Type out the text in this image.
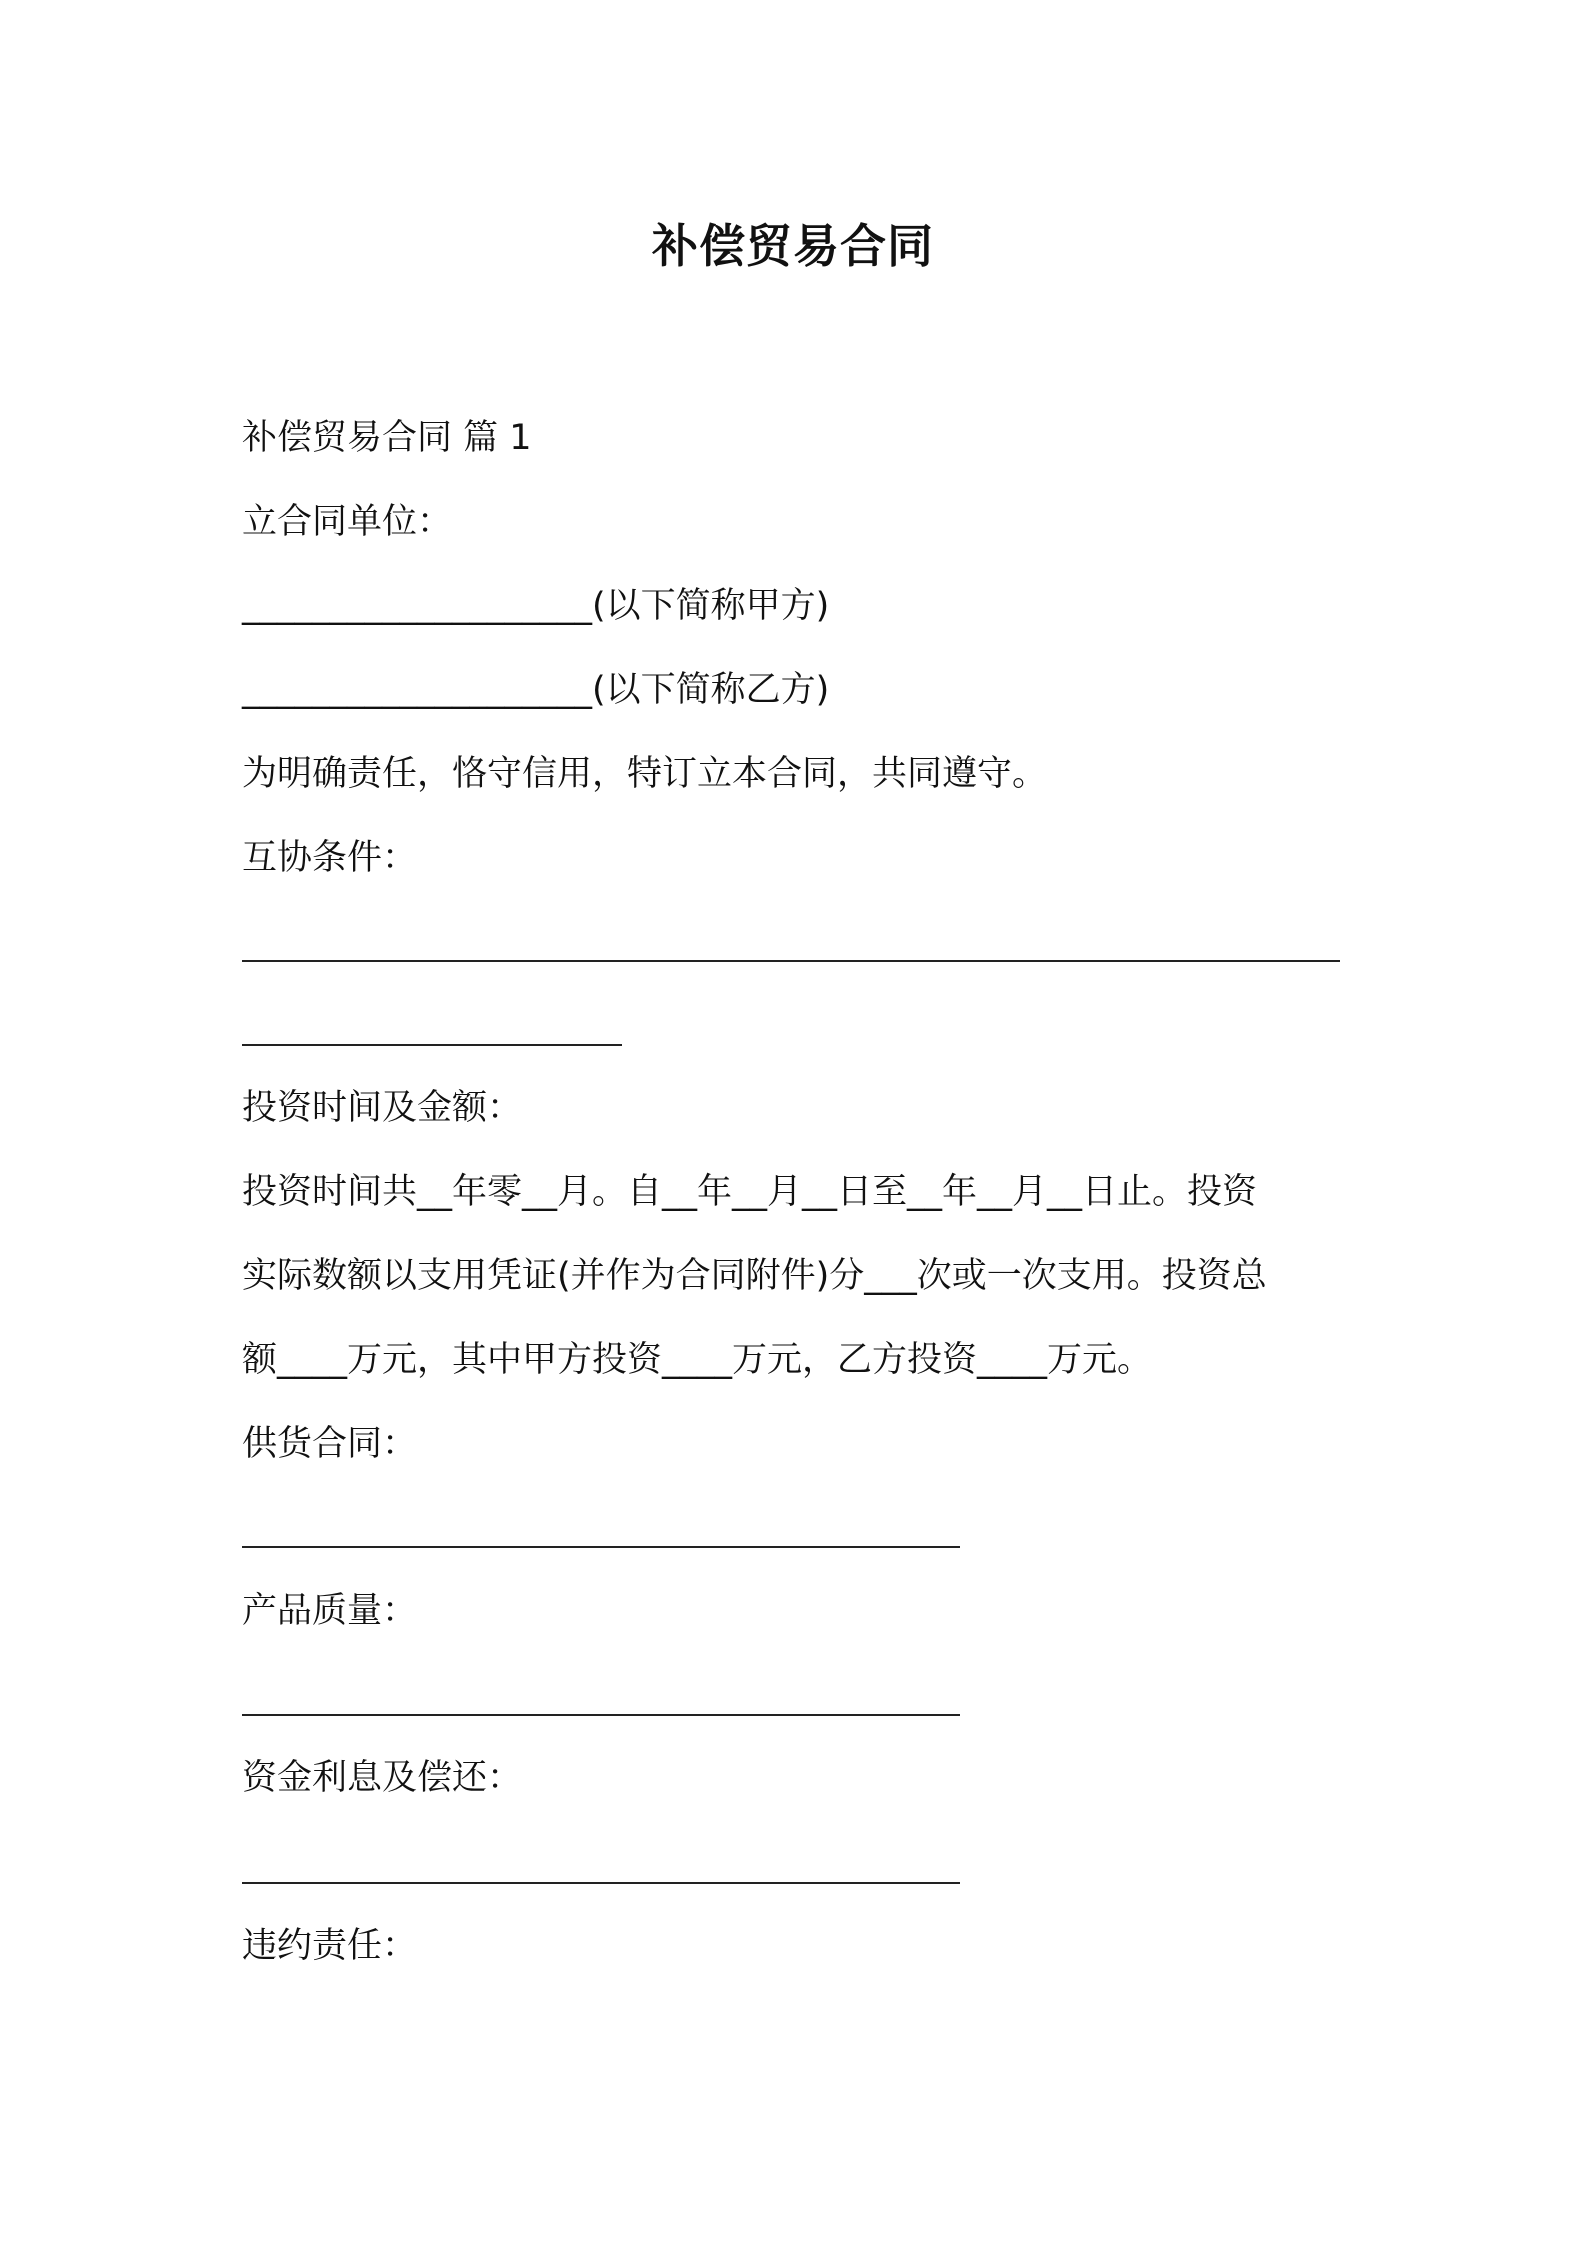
补偿贸易合同
补偿贸易合同 篇 1
立合同单位：
____________________(以下简称甲方)
____________________(以下简称乙方)
为明确责任，恪守信用，特订立本合同，共同遵守。
互协条件：
投资时间及金额：
投资时间共__年零__月。自__年__月__日至__年__月__日止。投资
实际数额以支用凭证(并作为合同附件)分___次或一次支用。投资总
额____万元，其中甲方投资____万元，乙方投资____万元。
供货合同：
产品质量：
资金利息及偿还：
违约责任：
